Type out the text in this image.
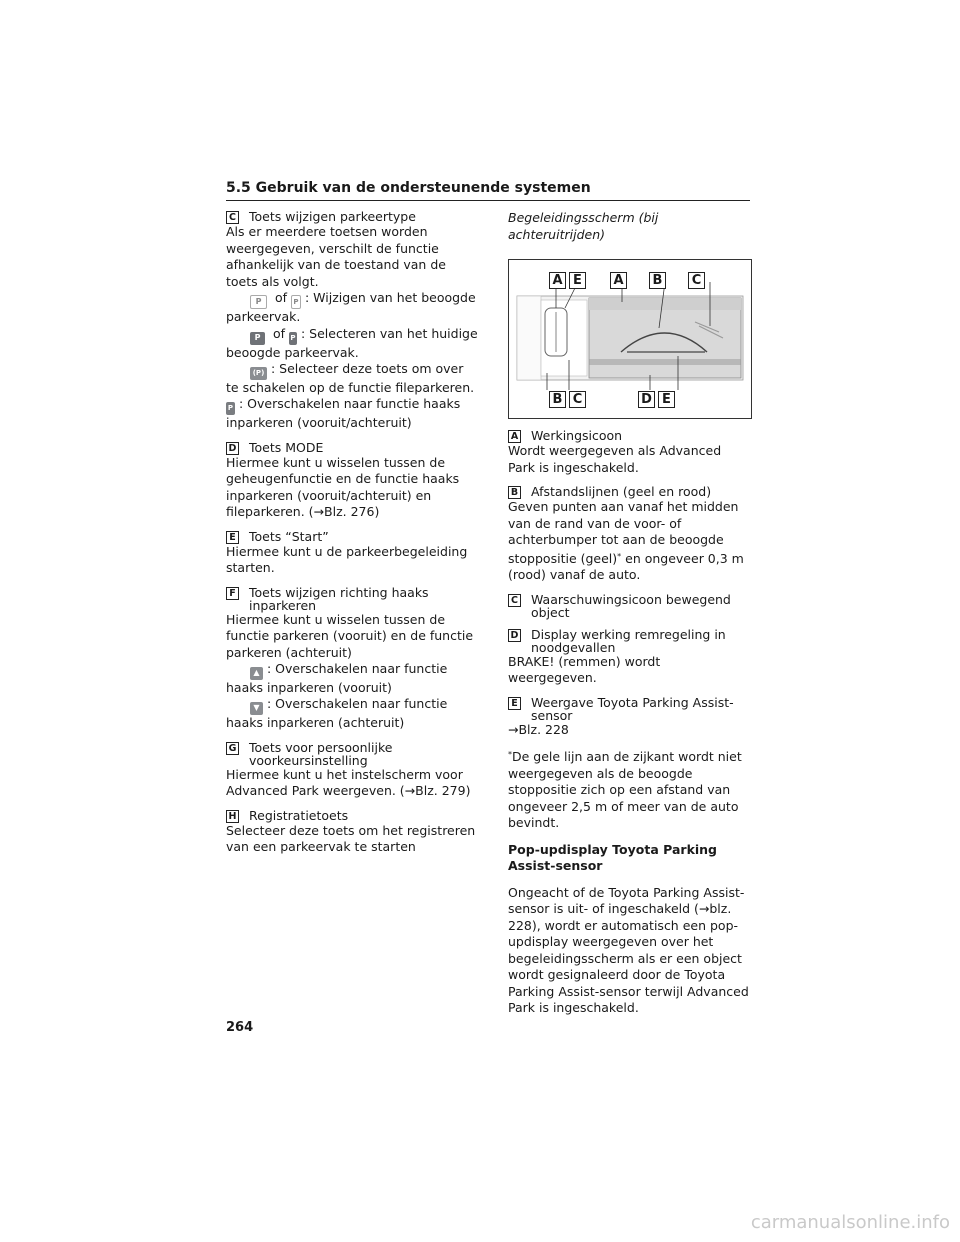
5.5 Gebruik van de ondersteunende systemen
C Toets wijzigen parkeertype

Als er meerdere toetsen worden weergegeven, verschilt de functie afhankelijk van de toestand van de toets als volgt.

P of P : Wijzigen van het beoogde parkeervak.

P of P : Selecteren van het huidige beoogde parkeervak.

(P) : Selecteer deze toets om over te schakelen op de functie fileparkeren.

P : Overschakelen naar functie haaks inparkeren (vooruit/achteruit)

D Toets MODE

Hiermee kunt u wisselen tussen de geheugenfunctie en de functie haaks inparkeren (vooruit/achteruit) en fileparkeren. (→Blz. 276)

E Toets “Start”

Hiermee kunt u de parkeerbegeleiding starten.

F Toets wijzigen richting haaks inparkeren

Hiermee kunt u wisselen tussen de functie parkeren (vooruit) en de functie parkeren (achteruit)

▲ : Overschakelen naar functie haaks inparkeren (vooruit)

▼ : Overschakelen naar functie haaks inparkeren (achteruit)

G Toets voor persoonlijke voorkeursinstelling

Hiermee kunt u het instelscherm voor Advanced Park weergeven. (→Blz. 279)

H Registratietoets

Selecteer deze toets om het registreren van een parkeervak te starten

Begeleidingsscherm (bij achteruitrijden)
A E	A B C
B C	D E
A Werkingsicoon

Wordt weergegeven als Advanced Park is ingeschakeld.

B Afstandslijnen (geel en rood)

Geven punten aan vanaf het midden van de rand van de voor- of achterbumper tot aan de beoogde stoppositie (geel)* en ongeveer 0,3 m (rood) vanaf de auto.

C Waarschuwingsicoon bewegend object
D Display werking remregeling in noodgevallen

BRAKE! (remmen) wordt weergegeven.

E Weergave Toyota Parking Assist-sensor

→Blz. 228

*De gele lijn aan de zijkant wordt niet weergegeven als de beoogde stoppositie zich op een afstand van ongeveer 2,5 m of meer van de auto bevindt.

Pop-updisplay Toyota Parking Assist-sensor

Ongeacht of de Toyota Parking Assist-sensor is uit- of ingeschakeld (→blz. 228), wordt er automatisch een pop-updisplay weergegeven over het begeleidingsscherm als er een object wordt gesignaleerd door de Toyota Parking Assist-sensor terwijl Advanced Park is ingeschakeld.

264
carmanualsonline.info
